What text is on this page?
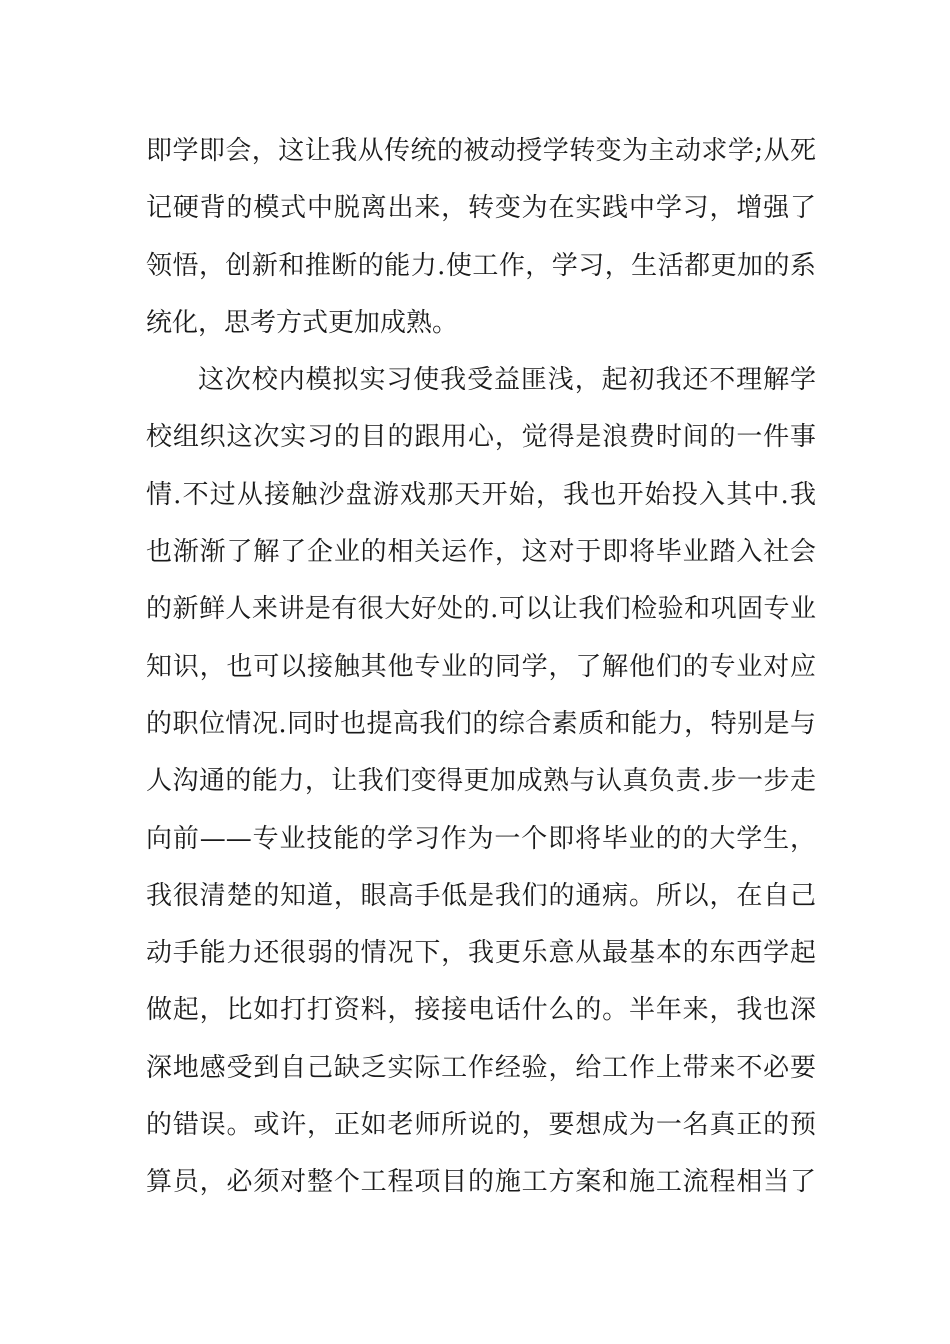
即学即会，这让我从传统的被动授学转变为主动求学;从死
记硬背的模式中脱离出来，转变为在实践中学习，增强了
领悟，创新和推断的能力.使工作，学习，生活都更加的系
统化，思考方式更加成熟。
这次校内模拟实习使我受益匪浅，起初我还不理解学
校组织这次实习的目的跟用心，觉得是浪费时间的一件事
情.不过从接触沙盘游戏那天开始，我也开始投入其中.我
也渐渐了解了企业的相关运作，这对于即将毕业踏入社会
的新鲜人来讲是有很大好处的.可以让我们检验和巩固专业
知识，也可以接触其他专业的同学，了解他们的专业对应
的职位情况.同时也提高我们的综合素质和能力，特别是与
人沟通的能力，让我们变得更加成熟与认真负责.步一步走
向前——专业技能的学习作为一个即将毕业的的大学生，
我很清楚的知道，眼高手低是我们的通病。所以，在自己
动手能力还很弱的情况下，我更乐意从最基本的东西学起
做起，比如打打资料，接接电话什么的。半年来，我也深
深地感受到自己缺乏实际工作经验，给工作上带来不必要
的错误。或许，正如老师所说的，要想成为一名真正的预
算员，必须对整个工程项目的施工方案和施工流程相当了
